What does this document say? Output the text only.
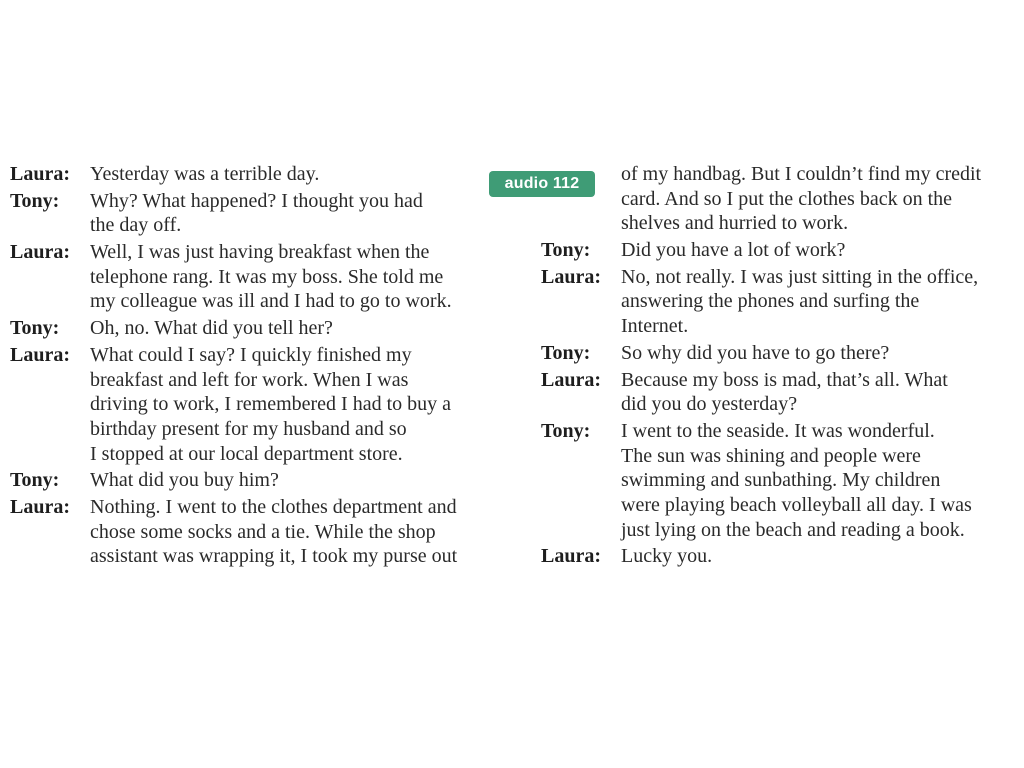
audio 112
Laura: Yesterday was a terrible day.
Tony: Why? What happened? I thought you had
the day off.
Laura: Well, I was just having breakfast when the
telephone rang. It was my boss. She told me
my colleague was ill and I had to go to work.
Tony: Oh, no. What did you tell her?
Laura: What could I say? I quickly finished my
breakfast and left for work. When I was
driving to work, I remembered I had to buy a
birthday present for my husband and so
I stopped at our local department store.
Tony: What did you buy him?
Laura: Nothing. I went to the clothes department and
chose some socks and a tie. While the shop
assistant was wrapping it, I took my purse out
of my handbag. But I couldn’t find my credit
card. And so I put the clothes back on the
shelves and hurried to work.
Tony: Did you have a lot of work?
Laura: No, not really. I was just sitting in the office,
answering the phones and surfing the
Internet.
Tony: So why did you have to go there?
Laura: Because my boss is mad, that’s all. What
did you do yesterday?
Tony: I went to the seaside. It was wonderful.
The sun was shining and people were
swimming and sunbathing. My children
were playing beach volleyball all day. I was
just lying on the beach and reading a book.
Laura: Lucky you.
